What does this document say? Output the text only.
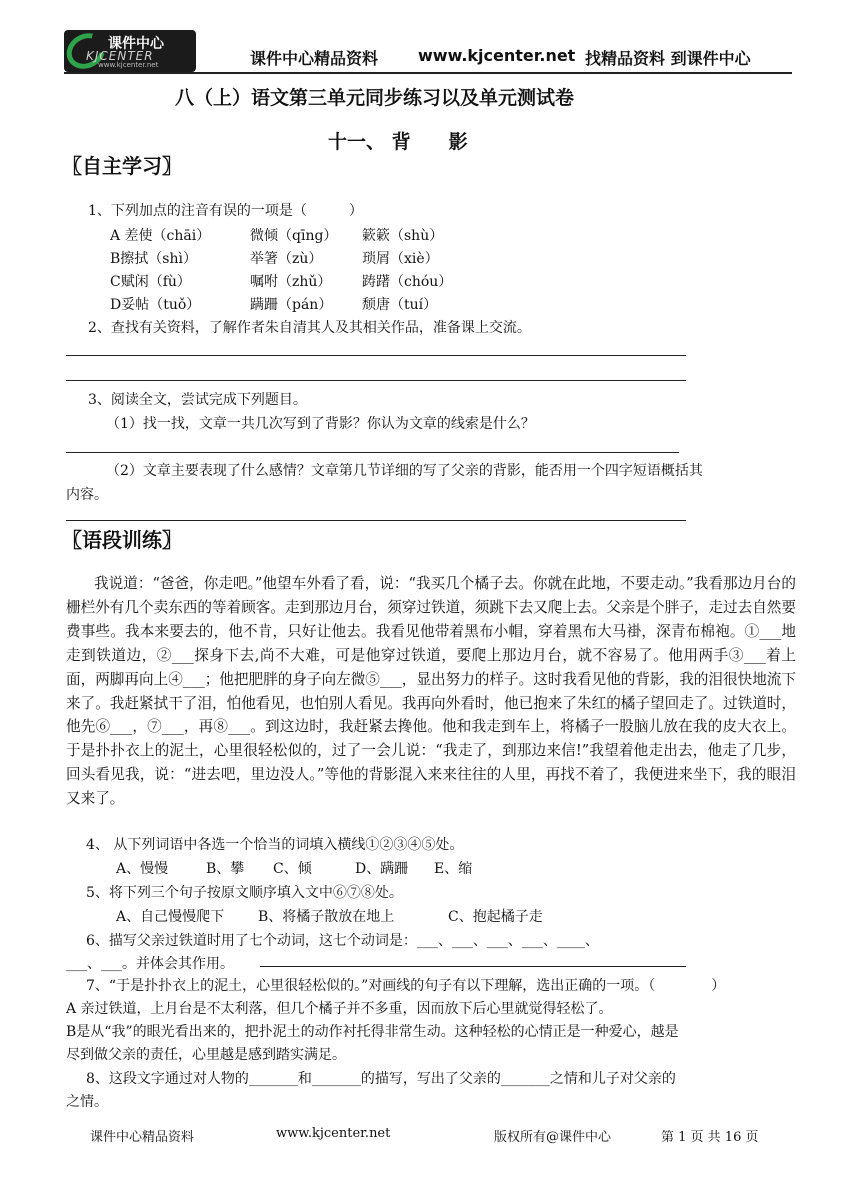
课件中心
KJCENTER
www.kjcenter.net	课件中心精品资料 www.kjcenter.net 找精品资料 到课件中心
八（上）语文第三单元同步练习以及单元测试卷
十一、 背　　影
〖自主学习〗
1、下列加点的注音有误的一项是（　　　）
A 差使（chāi）	微倾（qīng） 簌簌（shù）
B擦拭（shì）	举箸（zù）	琐屑（xiè）
C赋闲（fù）	嘱咐（zhǔ） 踌躇（chóu）
D妥帖（tuǒ）	蹒跚（pán） 颓唐（tuí）
2、查找有关资料，了解作者朱自清其人及其相关作品，准备课上交流。
3、阅读全文，尝试完成下列题目。
（1）找一找，文章一共几次写到了背影？你认为文章的线索是什么？
（2）文章主要表现了什么感情？文章第几节详细的写了父亲的背影，能否用一个四字短语概括其
内容。
〖语段训练〗
我说道：“爸爸，你走吧。”他望车外看了看，说：“我买几个橘子去。你就在此地，不要走动。”我看那边月台的栅栏外有几个卖东西的等着顾客。走到那边月台，须穿过铁道，须跳下去又爬上去。父亲是个胖子，走过去自然要费事些。我本来要去的，他不肯，只好让他去。我看见他带着黑布小帽，穿着黑布大马褂，深青布棉袍。①___地走到铁道边，②___探身下去,尚不大难，可是他穿过铁道，要爬上那边月台，就不容易了。他用两手③___着上面，两脚再向上④___；他把肥胖的身子向左微⑤___，显出努力的样子。这时我看见他的背影，我的泪很快地流下来了。我赶紧拭干了泪，怕他看见，也怕别人看见。我再向外看时，他已抱来了朱红的橘子望回走了。过铁道时，他先⑥___，⑦___，再⑧___。到这边时，我赶紧去搀他。他和我走到车上，将橘子一股脑儿放在我的皮大衣上。于是扑扑衣上的泥土，心里很轻松似的，过了一会儿说：“我走了，到那边来信!”我望着他走出去，他走了几步，回头看见我，说：“进去吧，里边没人。”等他的背影混入来来往往的人里，再找不着了，我便进来坐下，我的眼泪又来了。
4、 从下列词语中各选一个恰当的词填入横线①②③④⑤处。
A、慢慢	B、攀 C、倾	D、蹒跚 E、缩
5、将下列三个句子按原文顺序填入文中⑥⑦⑧处。
A、自己慢慢爬下 B、将橘子散放在地上	C、抱起橘子走
6、描写父亲过铁道时用了七个动词，这七个动词是：___、___、___、___、____、
___、___。并体会其作用。
7、“于是扑扑衣上的泥土，心里很轻松似的。”对画线的句子有以下理解，选出正确的一项。（　　　　）
A 亲过铁道，上月台是不太利落，但几个橘子并不多重，因而放下后心里就觉得轻松了。
B是从“我”的眼光看出来的，把扑泥土的动作衬托得非常生动。这种轻松的心情正是一种爱心，越是
尽到做父亲的责任，心里越是感到踏实满足。
8、这段文字通过对人物的_______和_______的描写，写出了父亲的_______之情和儿子对父亲的
之情。
课件中心精品资料	www.kjcenter.net	版权所有@课件中心	第 1 页 共 16 页
